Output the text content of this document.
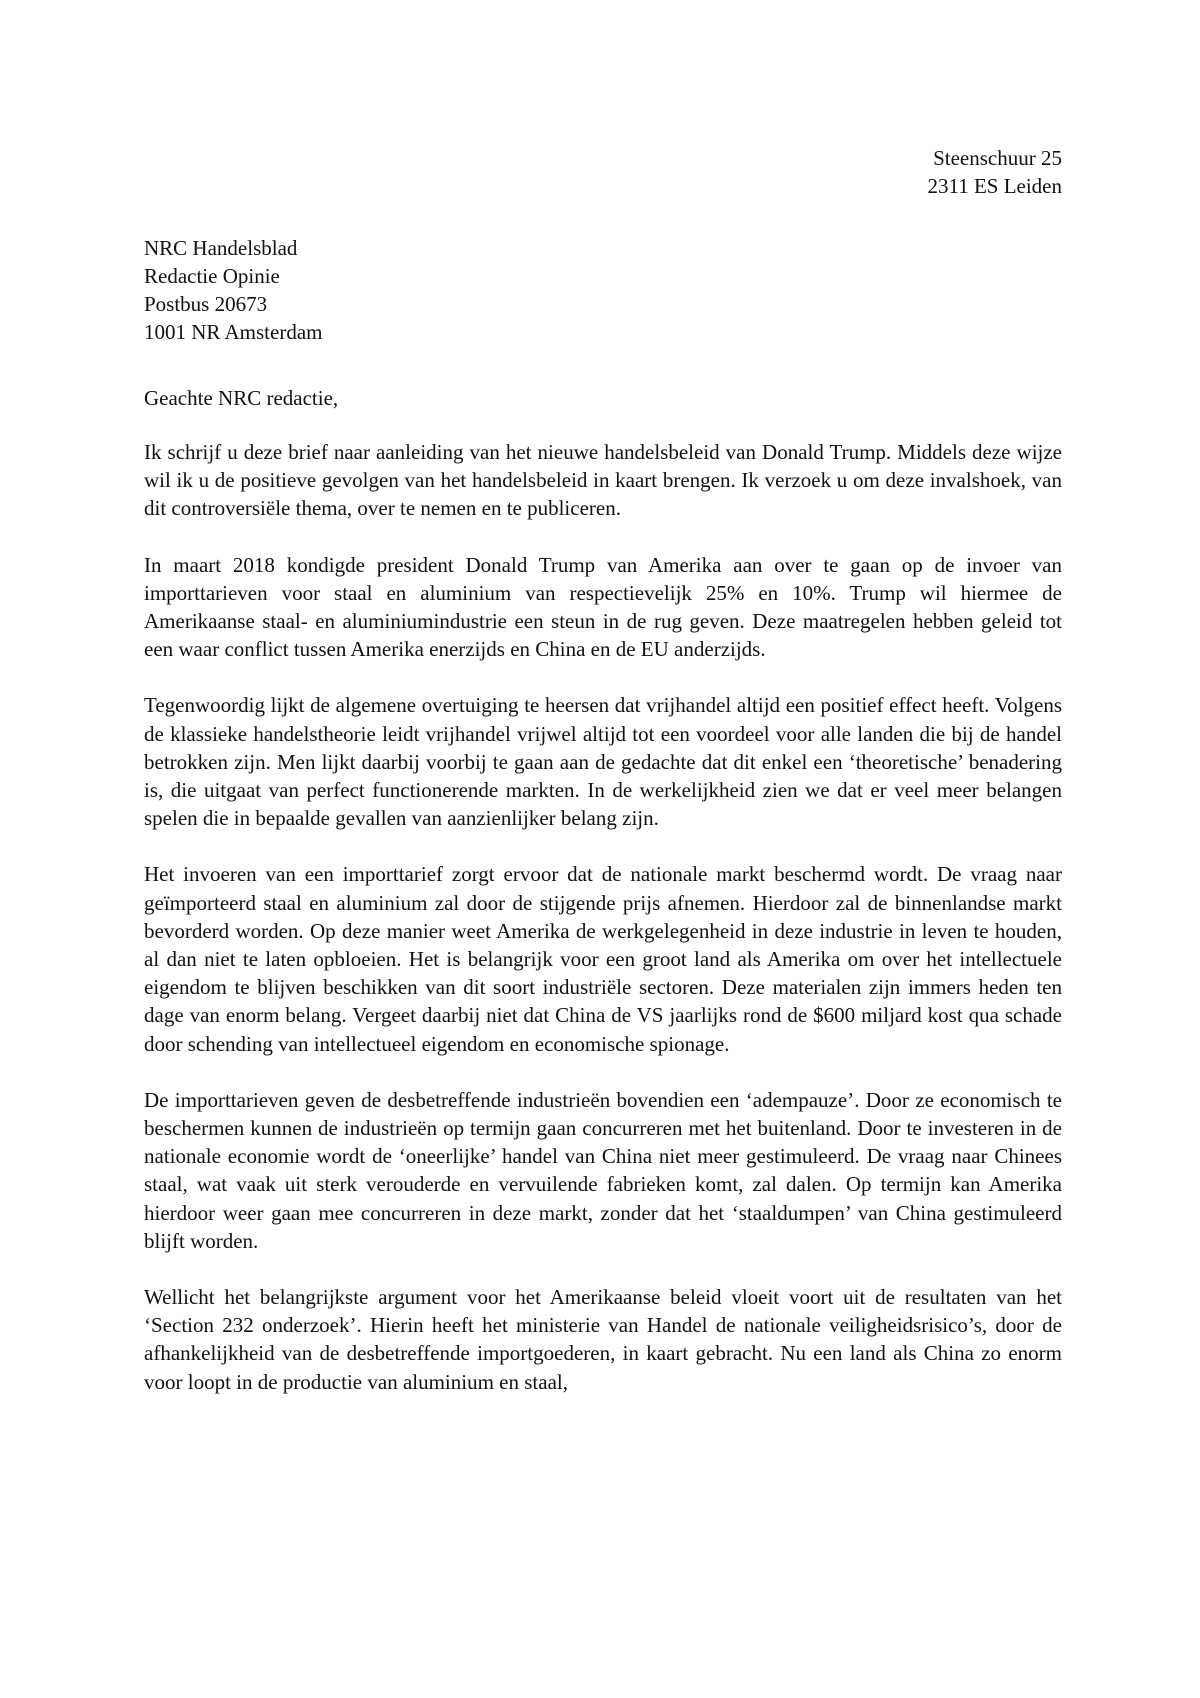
Steenschuur 25
2311 ES Leiden
NRC Handelsblad
Redactie Opinie
Postbus 20673
1001 NR Amsterdam
Geachte NRC redactie,

Ik schrijf u deze brief naar aanleiding van het nieuwe handelsbeleid van Donald Trump. Middels deze wijze wil ik u de positieve gevolgen van het handelsbeleid in kaart brengen. Ik verzoek u om deze invalshoek, van dit controversiële thema, over te nemen en te publiceren.

In maart 2018 kondigde president Donald Trump van Amerika aan over te gaan op de invoer van importtarieven voor staal en aluminium van respectievelijk 25% en 10%. Trump wil hiermee de Amerikaanse staal- en aluminiumindustrie een steun in de rug geven. Deze maatregelen hebben geleid tot een waar conflict tussen Amerika enerzijds en China en de EU anderzijds.

Tegenwoordig lijkt de algemene overtuiging te heersen dat vrijhandel altijd een positief effect heeft. Volgens de klassieke handelstheorie leidt vrijhandel vrijwel altijd tot een voordeel voor alle landen die bij de handel betrokken zijn. Men lijkt daarbij voorbij te gaan aan de gedachte dat dit enkel een ‘theoretische’ benadering is, die uitgaat van perfect functionerende markten. In de werkelijkheid zien we dat er veel meer belangen spelen die in bepaalde gevallen van aanzienlijker belang zijn.

Het invoeren van een importtarief zorgt ervoor dat de nationale markt beschermd wordt. De vraag naar geïmporteerd staal en aluminium zal door de stijgende prijs afnemen. Hierdoor zal de binnenlandse markt bevorderd worden. Op deze manier weet Amerika de werkgelegenheid in deze industrie in leven te houden, al dan niet te laten opbloeien. Het is belangrijk voor een groot land als Amerika om over het intellectuele eigendom te blijven beschikken van dit soort industriële sectoren. Deze materialen zijn immers heden ten dage van enorm belang. Vergeet daarbij niet dat China de VS jaarlijks rond de $600 miljard kost qua schade door schending van intellectueel eigendom en economische spionage.

De importtarieven geven de desbetreffende industrieën bovendien een ‘adempauze’. Door ze economisch te beschermen kunnen de industrieën op termijn gaan concurreren met het buitenland. Door te investeren in de nationale economie wordt de ‘oneerlijke’ handel van China niet meer gestimuleerd. De vraag naar Chinees staal, wat vaak uit sterk verouderde en vervuilende fabrieken komt, zal dalen. Op termijn kan Amerika hierdoor weer gaan mee concurreren in deze markt, zonder dat het ‘staaldumpen’ van China gestimuleerd blijft worden.

Wellicht het belangrijkste argument voor het Amerikaanse beleid vloeit voort uit de resultaten van het ‘Section 232 onderzoek’. Hierin heeft het ministerie van Handel de nationale veiligheidsrisico’s, door de afhankelijkheid van de desbetreffende importgoederen, in kaart gebracht. Nu een land als China zo enorm voor loopt in de productie van aluminium en staal,
